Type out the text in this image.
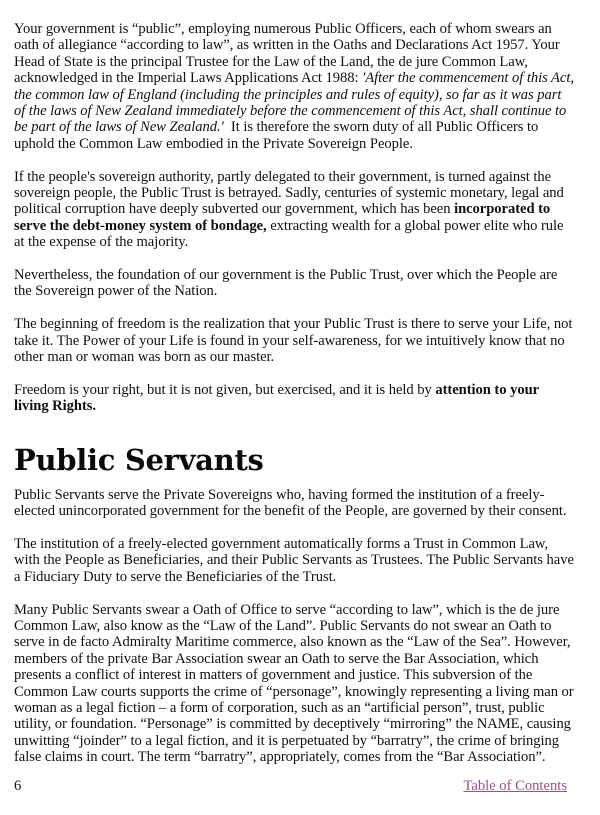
Your government is “public”, employing numerous Public Officers, each of whom swears an oath of allegiance “according to law”, as written in the Oaths and Declarations Act 1957. Your Head of State is the principal Trustee for the Law of the Land, the de jure Common Law, acknowledged in the Imperial Laws Applications Act 1988: 'After the commencement of this Act, the common law of England (including the principles and rules of equity), so far as it was part of the laws of New Zealand immediately before the commencement of this Act, shall continue to be part of the laws of New Zealand.'  It is therefore the sworn duty of all Public Officers to uphold the Common Law embodied in the Private Sovereign People.

If the people's sovereign authority, partly delegated to their government, is turned against the sovereign people, the Public Trust is betrayed. Sadly, centuries of systemic monetary, legal and political corruption have deeply subverted our government, which has been incorporated to serve the debt-money system of bondage, extracting wealth for a global power elite who rule at the expense of the majority.

Nevertheless, the foundation of our government is the Public Trust, over which the People are the Sovereign power of the Nation.

The beginning of freedom is the realization that your Public Trust is there to serve your Life, not take it. The Power of your Life is found in your self-awareness, for we intuitively know that no other man or woman was born as our master.

Freedom is your right, but it is not given, but exercised, and it is held by attention to your living Rights.

Public Servants

Public Servants serve the Private Sovereigns who, having formed the institution of a freely-elected unincorporated government for the benefit of the People, are governed by their consent.

The institution of a freely-elected government automatically forms a Trust in Common Law, with the People as Beneficiaries, and their Public Servants as Trustees. The Public Servants have a Fiduciary Duty to serve the Beneficiaries of the Trust.

Many Public Servants swear a Oath of Office to serve “according to law”, which is the de jure Common Law, also know as the “Law of the Land”. Public Servants do not swear an Oath to serve in de facto Admiralty Maritime commerce, also known as the “Law of the Sea”. However, members of the private Bar Association swear an Oath to serve the Bar Association, which presents a conflict of interest in matters of government and justice. This subversion of the Common Law courts supports the crime of “personage”, knowingly representing a living man or woman as a legal fiction – a form of corporation, such as an “artificial person”, trust, public utility, or foundation. “Personage” is committed by deceptively “mirroring” the NAME, causing unwitting “joinder” to a legal fiction, and it is perpetuated by “barratry”, the crime of bringing false claims in court. The term “barratry”, appropriately, comes from the “Bar Association”.

6	Table of Contents
